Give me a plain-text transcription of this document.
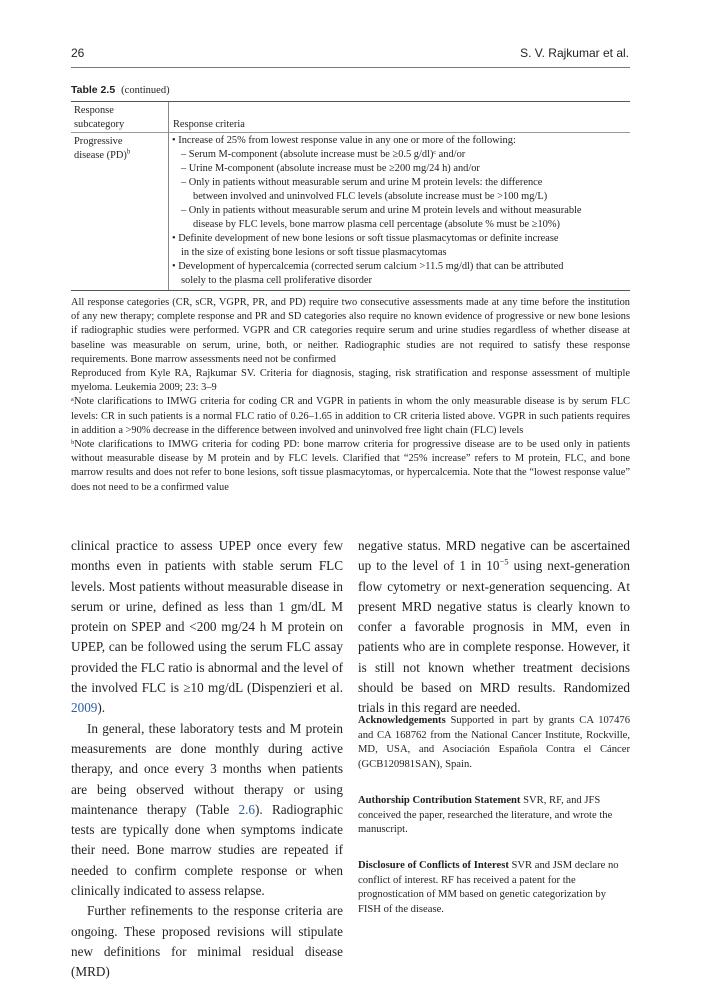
26	S. V. Rajkumar et al.
Table 2.5 (continued)
Response
subcategory	Response criteria
Progressive
disease (PD)$^b$
• Increase of 25% from lowest response value in any one or more of the following:
– Serum M-component (absolute increase must be ≥0.5 g/dl)ᶜ and/or
– Urine M-component (absolute increase must be ≥200 mg/24 h) and/or
– Only in patients without measurable serum and urine M protein levels: the difference
between involved and uninvolved FLC levels (absolute increase must be >100 mg/L)
– Only in patients without measurable serum and urine M protein levels and without measurable
disease by FLC levels, bone marrow plasma cell percentage (absolute % must be ≥10%)
• Definite development of new bone lesions or soft tissue plasmacytomas or definite increase
in the size of existing bone lesions or soft tissue plasmacytomas
• Development of hypercalcemia (corrected serum calcium >11.5 mg/dl) that can be attributed
solely to the plasma cell proliferative disorder

All response categories (CR, sCR, VGPR, PR, and PD) require two consecutive assessments made at any time before the institution of any new therapy; complete response and PR and SD categories also require no known evidence of progressive or new bone lesions if radiographic studies were performed. VGPR and CR categories require serum and urine studies regardless of whether disease at baseline was measurable on serum, urine, both, or neither. Radiographic studies are not required to satisfy these response requirements. Bone marrow assessments need not be confirmed

Reproduced from Kyle RA, Rajkumar SV. Criteria for diagnosis, staging, risk stratification and response assessment of multiple myeloma. Leukemia 2009; 23: 3–9

ᵃNote clarifications to IMWG criteria for coding CR and VGPR in patients in whom the only measurable disease is by serum FLC levels: CR in such patients is a normal FLC ratio of 0.26–1.65 in addition to CR criteria listed above. VGPR in such patients requires in addition a >90% decrease in the difference between involved and uninvolved free light chain (FLC) levels

ᵇNote clarifications to IMWG criteria for coding PD: bone marrow criteria for progressive disease are to be used only in patients without measurable disease by M protein and by FLC levels. Clarified that “25% increase” refers to M protein, FLC, and bone marrow results and does not refer to bone lesions, soft tissue plasmacytomas, or hypercalcemia. Note that the “lowest response value” does not need to be a confirmed value

clinical practice to assess UPEP once every few months even in patients with stable serum FLC levels. Most patients without measurable disease in serum or urine, defined as less than 1 gm/dL M protein on SPEP and <200 mg/24 h M protein on UPEP, can be followed using the serum FLC assay provided the FLC ratio is abnormal and the level of the involved FLC is ≥10 mg/dL (Dispenzieri et al. 2009).

In general, these laboratory tests and M protein measurements are done monthly during active therapy, and once every 3 months when patients are being observed without therapy or using maintenance therapy (Table 2.6). Radiographic tests are typically done when symptoms indicate their need. Bone marrow studies are repeated if needed to confirm complete response or when clinically indicated to assess relapse.

Further refinements to the response criteria are ongoing. These proposed revisions will stipulate new definitions for minimal residual disease (MRD)

negative status. MRD negative can be ascertained up to the level of 1 in $10^{-5}$ using next-generation flow cytometry or next-generation sequencing. At present MRD negative status is clearly known to confer a favorable prognosis in MM, even in patients who are in complete response. However, it is still not known whether treatment decisions should be based on MRD results. Randomized trials in this regard are needed.

Acknowledgements Supported in part by grants CA 107476 and CA 168762 from the National Cancer Institute, Rockville, MD, USA, and Asociación Española Contra el Cáncer (GCB120981SAN), Spain.
Authorship Contribution Statement SVR, RF, and JFS conceived the paper, researched the literature, and wrote the manuscript.
Disclosure of Conflicts of Interest SVR and JSM declare no conflict of interest. RF has received a patent for the prognostication of MM based on genetic categorization by FISH of the disease.
